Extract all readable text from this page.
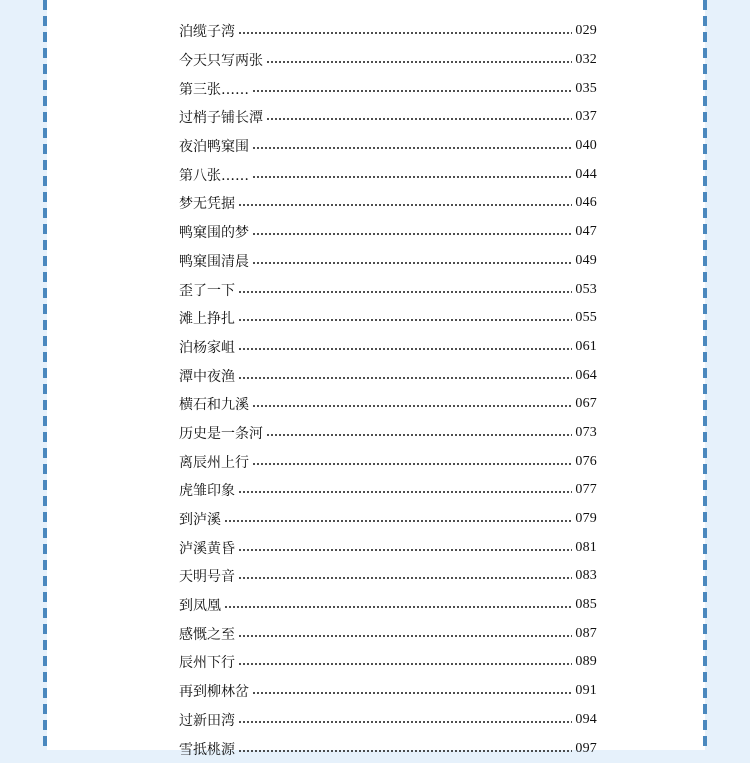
泊缆子湾	029
今天只写两张	032
第三张……	035
过梢子铺长潭	037
夜泊鸭窠围	040
第八张……	044
梦无凭据	046
鸭窠围的梦	047
鸭窠围清晨	049
歪了一下	053
滩上挣扎	055
泊杨家岨	061
潭中夜渔	064
横石和九溪	067
历史是一条河	073
离辰州上行	076
虎雏印象	077
到泸溪	079
泸溪黄昏	081
天明号音	083
到凤凰	085
感慨之至	087
辰州下行	089
再到柳林岔	091
过新田湾	094
雪抵桃源	097
